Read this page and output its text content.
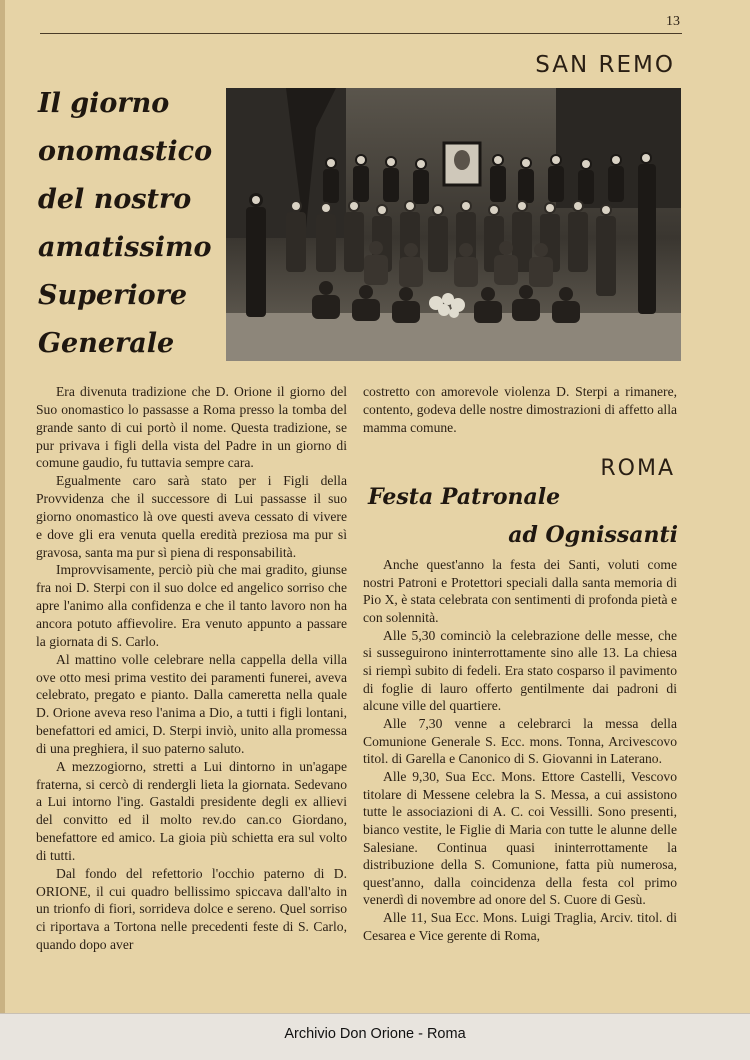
13
SAN REMO
Il giorno
onomastico
del nostro
amatissimo
Superiore
Generale

Era divenuta tradizione che D. Orione il giorno del Suo onomastico lo passasse a Roma presso la tomba del grande santo di cui portò il nome. Questa tradizione, se pur privava i figli della vista del Padre in un giorno di comune gaudio, fu tuttavia sempre cara.

Egualmente caro sarà stato per i Figli della Provvidenza che il successore di Lui passasse il suo giorno onomastico là ove questi aveva cessato di vivere e dove gli era venuta quella eredità preziosa ma pur sì gravosa, santa ma pur sì piena di responsabilità.

Improvvisamente, perciò più che mai gradito, giunse fra noi D. Sterpi con il suo dolce ed angelico sorriso che apre l'animo alla confidenza e che il tanto lavoro non ha ancora potuto affievolire. Era venuto appunto a passare la giornata di S. Carlo.

Al mattino volle celebrare nella cappella della villa ove otto mesi prima vestito dei paramenti funerei, aveva celebrato, pregato e pianto. Dalla cameretta nella quale D. Orione aveva reso l'anima a Dio, a tutti i figli lontani, benefattori ed amici, D. Sterpi inviò, unito alla promessa di una preghiera, il suo paterno saluto.

A mezzogiorno, stretti a Lui dintorno in un'agape fraterna, si cercò di rendergli lieta la giornata. Sedevano a Lui intorno l'ing. Gastaldi presidente degli ex allievi del convitto ed il molto rev.do can.co Giordano, benefattore ed amico. La gioia più schietta era sul volto di tutti.

Dal fondo del refettorio l'occhio paterno di D. ORIONE, il cui quadro bellissimo spiccava dall'alto in un trionfo di fiori, sorrideva dolce e sereno. Quel sorriso ci riportava a Tortona nelle precedenti feste di S. Carlo, quando dopo aver

costretto con amorevole violenza D. Sterpi a rimanere, contento, godeva delle nostre dimostrazioni di affetto alla mamma comune.

ROMA
Festa Patronale
ad Ognissanti

Anche quest'anno la festa dei Santi, voluti come nostri Patroni e Protettori speciali dalla santa memoria di Pio X, è stata celebrata con sentimenti di profonda pietà e con solennità.

Alle 5,30 cominciò la celebrazione delle messe, che si susseguirono ininterrottamente sino alle 13. La chiesa si riempì subito di fedeli. Era stato cosparso il pavimento di foglie di lauro offerto gentilmente dai padroni di alcune ville del quartiere.

Alle 7,30 venne a celebrarci la messa della Comunione Generale S. Ecc. mons. Tonna, Arcivescovo titol. di Garella e Canonico di S. Giovanni in Laterano.

Alle 9,30, Sua Ecc. Mons. Ettore Castelli, Vescovo titolare di Messene celebra la S. Messa, a cui assistono tutte le associazioni di A. C. coi Vessilli. Sono presenti, bianco vestite, le Figlie di Maria con tutte le alunne delle Salesiane. Continua quasi ininterrottamente la distribuzione della S. Comunione, fatta più numerosa, quest'anno, dalla coincidenza della festa col primo venerdì di novembre ad onore del S. Cuore di Gesù.

Alle 11, Sua Ecc. Mons. Luigi Traglia, Arciv. titol. di Cesarea e Vice gerente di Roma,

Archivio Don Orione - Roma
